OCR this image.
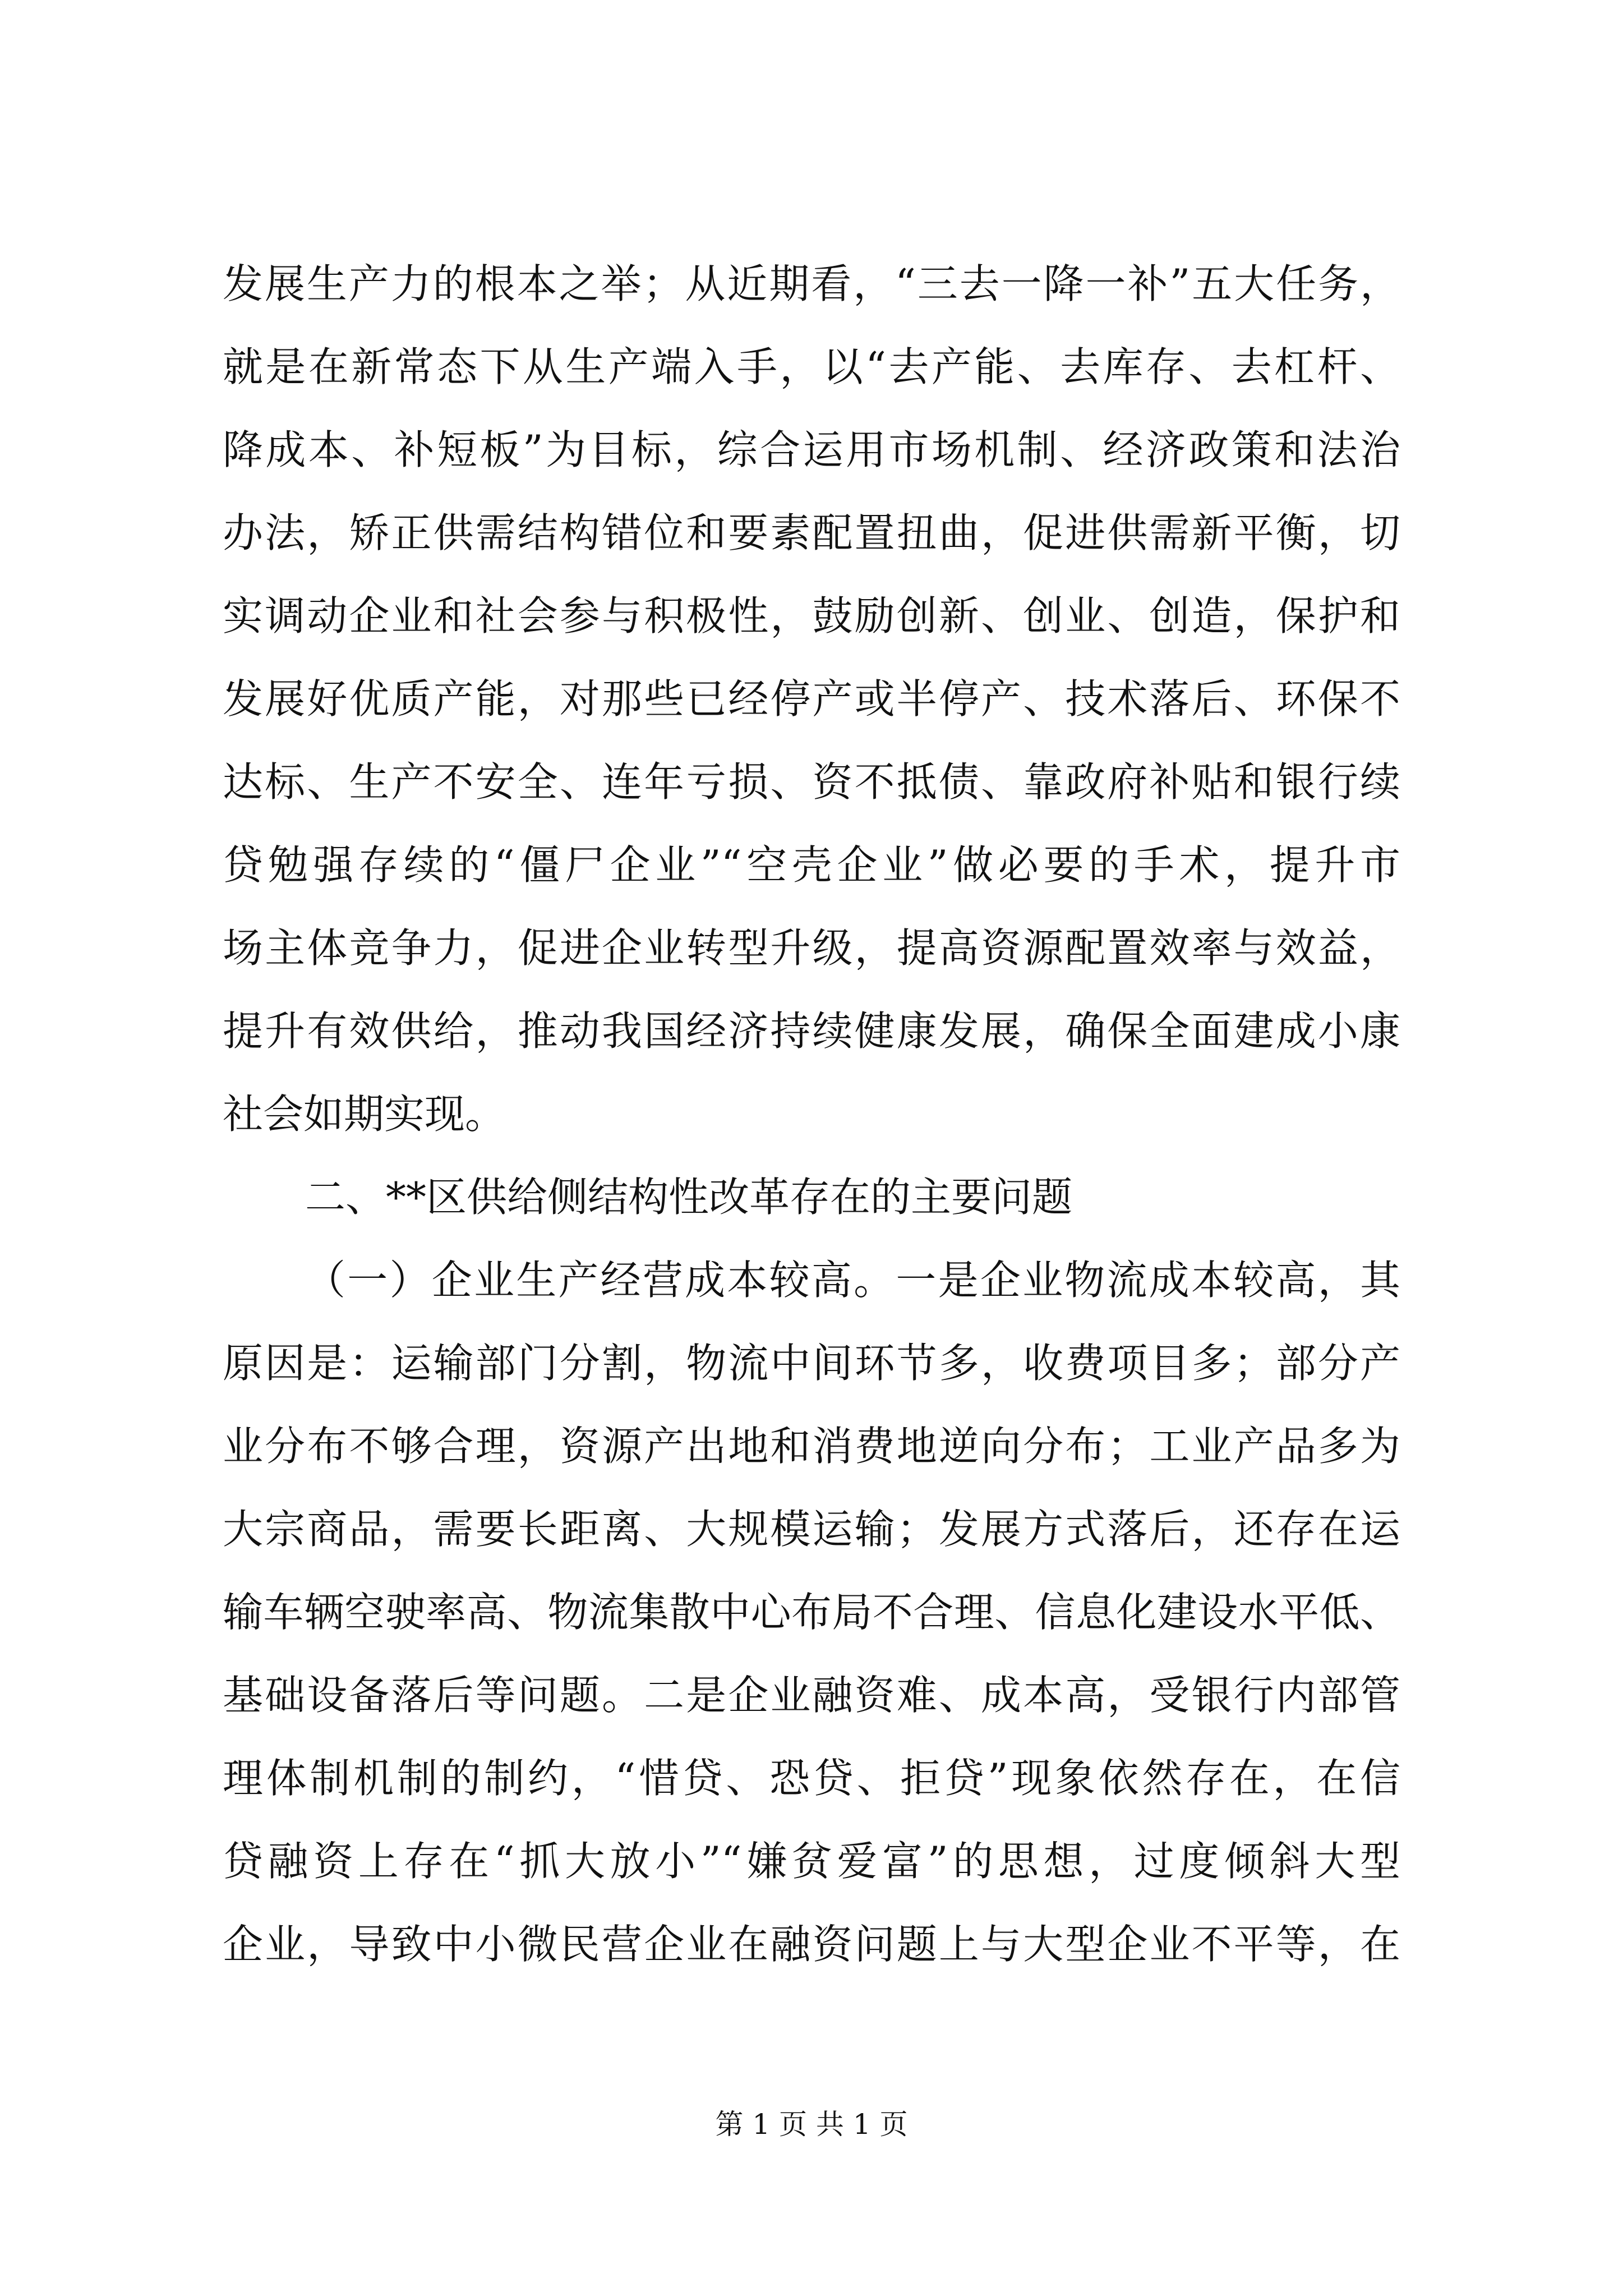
发展生产力的根本之举；从近期看，“三去一降一补”五大任务，
就是在新常态下从生产端入手，以“去产能、去库存、去杠杆、
降成本、补短板”为目标，综合运用市场机制、经济政策和法治
办法，矫正供需结构错位和要素配置扭曲，促进供需新平衡，切
实调动企业和社会参与积极性，鼓励创新、创业、创造，保护和
发展好优质产能，对那些已经停产或半停产、技术落后、环保不
达标、生产不安全、连年亏损、资不抵债、靠政府补贴和银行续
贷勉强存续的“僵尸企业”“空壳企业”做必要的手术，提升市
场主体竞争力，促进企业转型升级，提高资源配置效率与效益，
提升有效供给，推动我国经济持续健康发展，确保全面建成小康
社会如期实现。
二、**区供给侧结构性改革存在的主要问题
（一）企业生产经营成本较高。一是企业物流成本较高，其
原因是：运输部门分割，物流中间环节多，收费项目多；部分产
业分布不够合理，资源产出地和消费地逆向分布；工业产品多为
大宗商品，需要长距离、大规模运输；发展方式落后，还存在运
输车辆空驶率高、物流集散中心布局不合理、信息化建设水平低、
基础设备落后等问题。二是企业融资难、成本高，受银行内部管
理体制机制的制约，“惜贷、恐贷、拒贷”现象依然存在，在信
贷融资上存在“抓大放小”“嫌贫爱富”的思想，过度倾斜大型
企业，导致中小微民营企业在融资问题上与大型企业不平等，在
第 1 页 共 1 页
